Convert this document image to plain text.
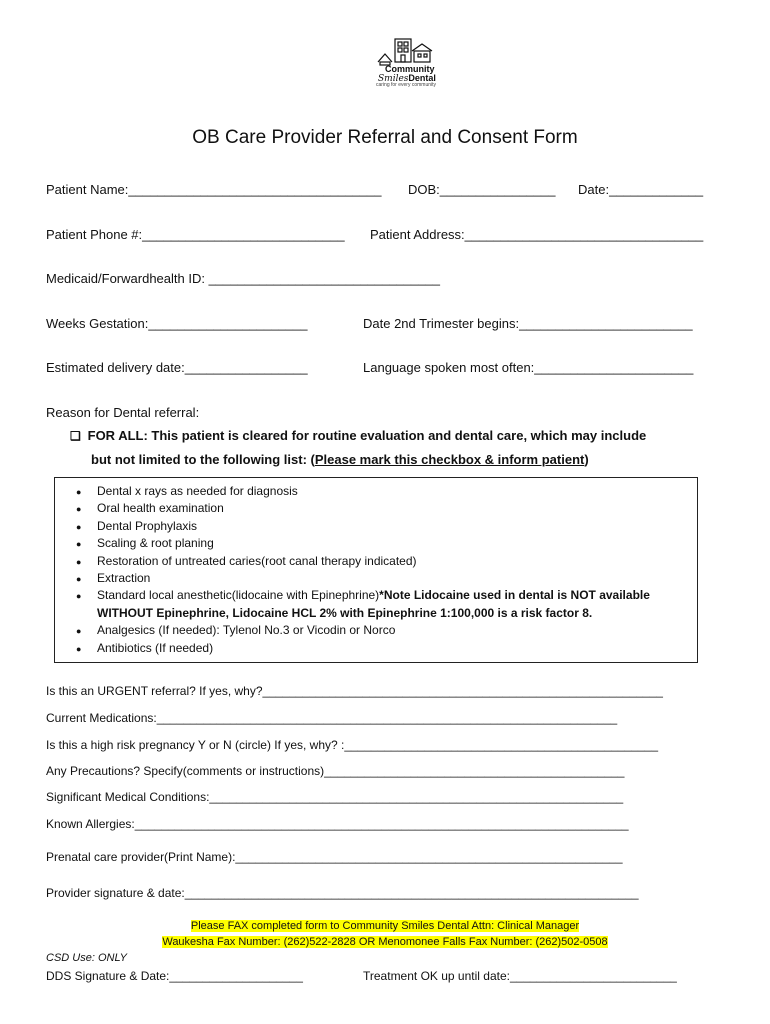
Community
SmilesDental
caring for every community
OB Care Provider Referral and Consent Form
Patient Name:___________________________________ DOB:________________ Date:_____________
Patient Phone #:____________________________ Patient Address:_________________________________
Medicaid/Forwardhealth ID: ________________________________
Weeks Gestation:______________________	Date 2nd Trimester begins:________________________
Estimated delivery date:_________________	Language spoken most often:______________________
Reason for Dental referral:
❑ FOR ALL: This patient is cleared for routine evaluation and dental care, which may include
but not limited to the following list: (Please mark this checkbox & inform patient)
● Dental x rays as needed for diagnosis
● Oral health examination
● Dental Prophylaxis
● Scaling & root planing
● Restoration of untreated caries(root canal therapy indicated)
● Extraction
● Standard local anesthetic(lidocaine with Epinephrine)*Note Lidocaine used in dental is NOT available
WITHOUT Epinephrine, Lidocaine HCL 2% with Epinephrine 1:100,000 is a risk factor 8.
● Analgesics (If needed): Tylenol No.3 or Vicodin or Norco
● Antibiotics (If needed)
Is this an URGENT referral? If yes, why?____________________________________________________________
Current Medications:_____________________________________________________________________
Is this a high risk pregnancy Y or N (circle) If yes, why? :_______________________________________________
Any Precautions? Specify(comments or instructions)_____________________________________________
Significant Medical Conditions:______________________________________________________________
Known Allergies:__________________________________________________________________________
Prenatal care provider(Print Name):__________________________________________________________
Provider signature & date:____________________________________________________________________
Please FAX completed form to Community Smiles Dental Attn: Clinical Manager
Waukesha Fax Number: (262)522-2828 OR Menomonee Falls Fax Number: (262)502-0508
CSD Use: ONLY
DDS Signature & Date:____________________	Treatment OK up until date:_________________________
